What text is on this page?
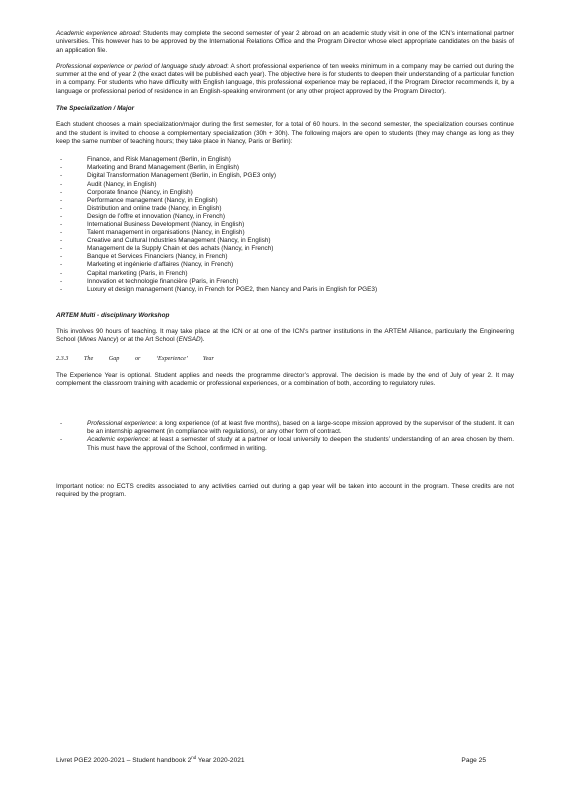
Academic experience abroad: Students may complete the second semester of year 2 abroad on an academic study visit in one of the ICN’s international partner universities. This however has to be approved by the International Relations Office and the Program Director whose elect appropriate candidates on the basis of an application file.

Professional experience or period of language study abroad: A short professional experience of ten weeks minimum in a company may be carried out during the summer at the end of year 2 (the exact dates will be published each year). The objective here is for students to deepen their understanding of a particular function in a company. For students who have difficulty with English language, this professional experience may be replaced, if the Program Director recommends it, by a language or professional period of residence in an English-speaking environment (or any other project approved by the Program Director).

The Specialization / Major

Each student chooses a main specialization/major during the first semester, for a total of 60 hours. In the second semester, the specialization courses continue and the student is invited to choose a complementary specialization (30h + 30h). The following majors are open to students (they may change as long as they keep the same number of teaching hours; they take place in Nancy, Paris or Berlin):

- Finance, and Risk Management (Berlin, in English)
- Marketing and Brand Management (Berlin, in English)
- Digital Transformation Management (Berlin, in English, PGE3 only)
- Audit (Nancy, in English)
- Corporate finance (Nancy, in English)
- Performance management (Nancy, in English)
- Distribution and online trade (Nancy, in English)
- Design de l’offre et innovation (Nancy, in French)
- International Business Development (Nancy, in English)
- Talent management in organisations (Nancy, in English)
- Creative and Cultural Industries Management (Nancy, in English)
- Management de la Supply Chain et des achats (Nancy, in French)
- Banque et Services Financiers (Nancy, in French)
- Marketing et ingénierie d’affaires (Nancy, in French)
- Capital marketing (Paris, in French)
- Innovation et technologie financière (Paris, in French)
- Luxury et design management (Nancy, in French for PGE2, then Nancy and Paris in English for PGE3)
ARTEM Multi - disciplinary Workshop

This involves 90 hours of teaching. It may take place at the ICN or at one of the ICN’s partner institutions in the ARTEM Alliance, particularly the Engineering School (Mines Nancy) or at the Art School (ENSAD).

2.3.3 The Gap or ‘Experience’ Year

The Experience Year is optional. Student applies and needs the programme director’s approval. The decision is made by the end of July of year 2. It may complement the classroom training with academic or professional experiences, or a combination of both, according to regulatory rules.

- Professional experience: a long experience (of at least five months), based on a large-scope mission approved by the supervisor of the student. It can be an internship agreement (in compliance with regulations), or any other form of contract.
- Academic experience: at least a semester of study at a partner or local university to deepen the students’ understanding of an area chosen by them. This must have the approval of the School, confirmed in writing.

Important notice: no ECTS credits associated to any activities carried out during a gap year will be taken into account in the program. These credits are not required by the program.

Livret PGE2 2020-2021 – Student handbook 2nd Year 2020-2021	Page 25
